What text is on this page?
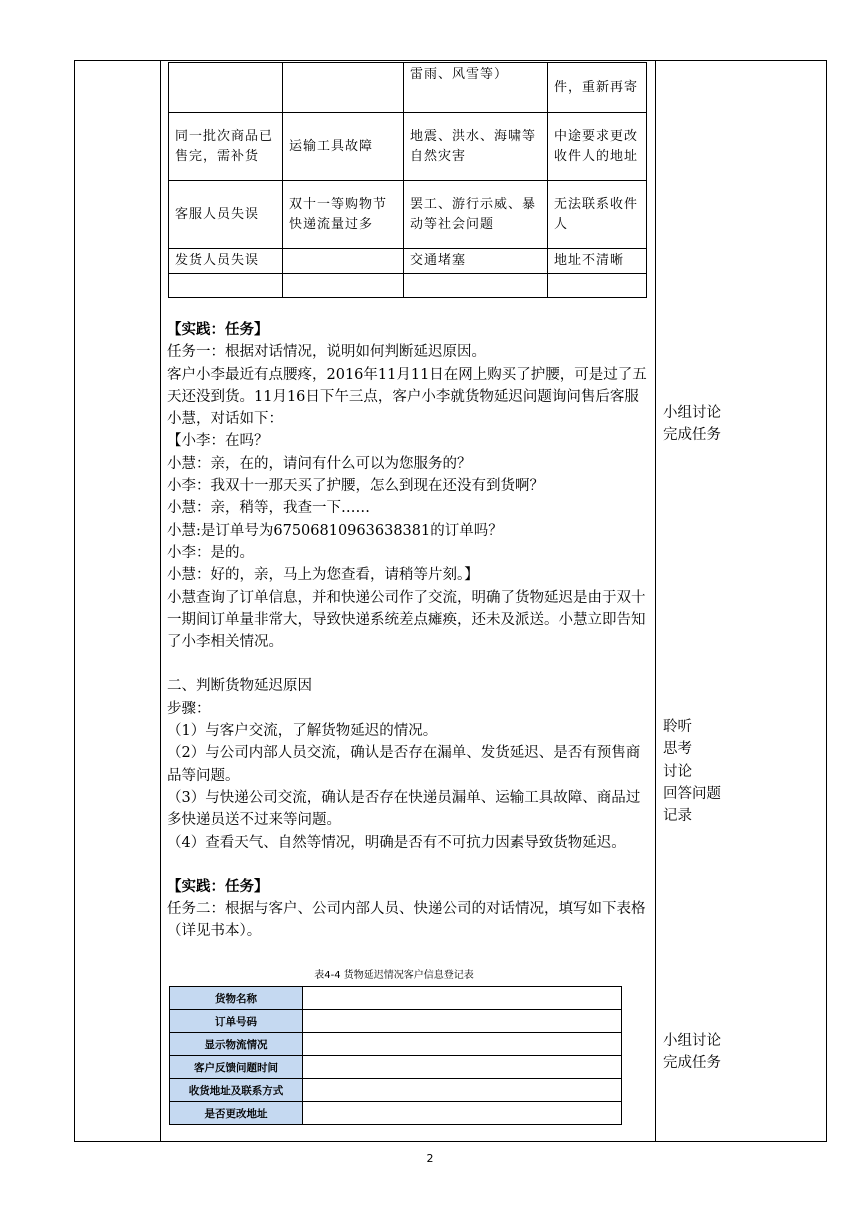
		雷雨、风雪等）	件，重新再寄
同一批次商品已售完，需补货	运输工具故障	地震、洪水、海啸等自然灾害	中途要求更改收件人的地址
客服人员失误	双十一等购物节快递流量过多	罢工、游行示威、暴动等社会问题	无法联系收件人
发货人员失误		交通堵塞	地址不清晰

【实践：任务】

任务一：根据对话情况，说明如何判断延迟原因。

客户小李最近有点腰疼，2016年11月11日在网上购买了护腰，可是过了五天还没到货。11月16日下午三点，客户小李就货物延迟问题询问售后客服小慧，对话如下：

【小李：在吗？

小慧：亲，在的，请问有什么可以为您服务的？

小李：我双十一那天买了护腰，怎么到现在还没有到货啊？

小慧：亲，稍等，我查一下……

小慧:是订单号为67506810963638381的订单吗？

小李：是的。

小慧：好的，亲，马上为您查看，请稍等片刻。】

小慧查询了订单信息，并和快递公司作了交流，明确了货物延迟是由于双十一期间订单量非常大，导致快递系统差点瘫痪，还未及派送。小慧立即告知了小李相关情况。

二、判断货物延迟原因

步骤：

（1）与客户交流，了解货物延迟的情况。

（2）与公司内部人员交流，确认是否存在漏单、发货延迟、是否有预售商品等问题。

（3）与快递公司交流，确认是否存在快递员漏单、运输工具故障、商品过多快递员送不过来等问题。

（4）查看天气、自然等情况，明确是否有不可抗力因素导致货物延迟。

【实践：任务】

任务二：根据与客户、公司内部人员、快递公司的对话情况，填写如下表格（详见书本）。

小组讨论
完成任务
聆听
思考
讨论
回答问题
记录
小组讨论
完成任务
表4-4 货物延迟情况客户信息登记表
货物名称	
订单号码	
显示物流情况	
客户反馈问题时间	
收货地址及联系方式	
是否更改地址	
2
